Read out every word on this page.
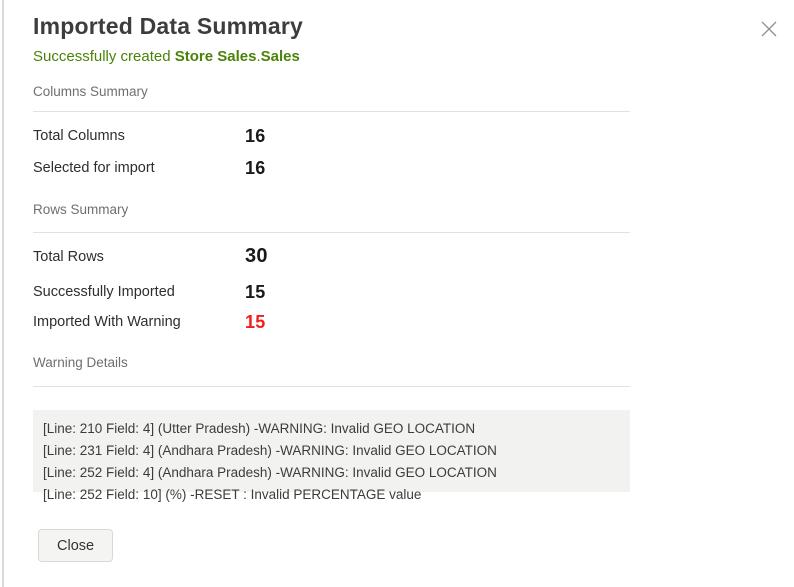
Imported Data Summary
Successfully created Store Sales.Sales
Columns Summary
Total Columns	16
Selected for import	16
Rows Summary
Total Rows	30
Successfully Imported	15
Imported With Warning	15
Warning Details
[Line: 210 Field: 4] (Utter Pradesh) -WARNING: Invalid GEO LOCATION
[Line: 231 Field: 4] (Andhara Pradesh) -WARNING: Invalid GEO LOCATION
[Line: 252 Field: 4] (Andhara Pradesh) -WARNING: Invalid GEO LOCATION
[Line: 252 Field: 10] (%) -RESET : Invalid PERCENTAGE value
Close
